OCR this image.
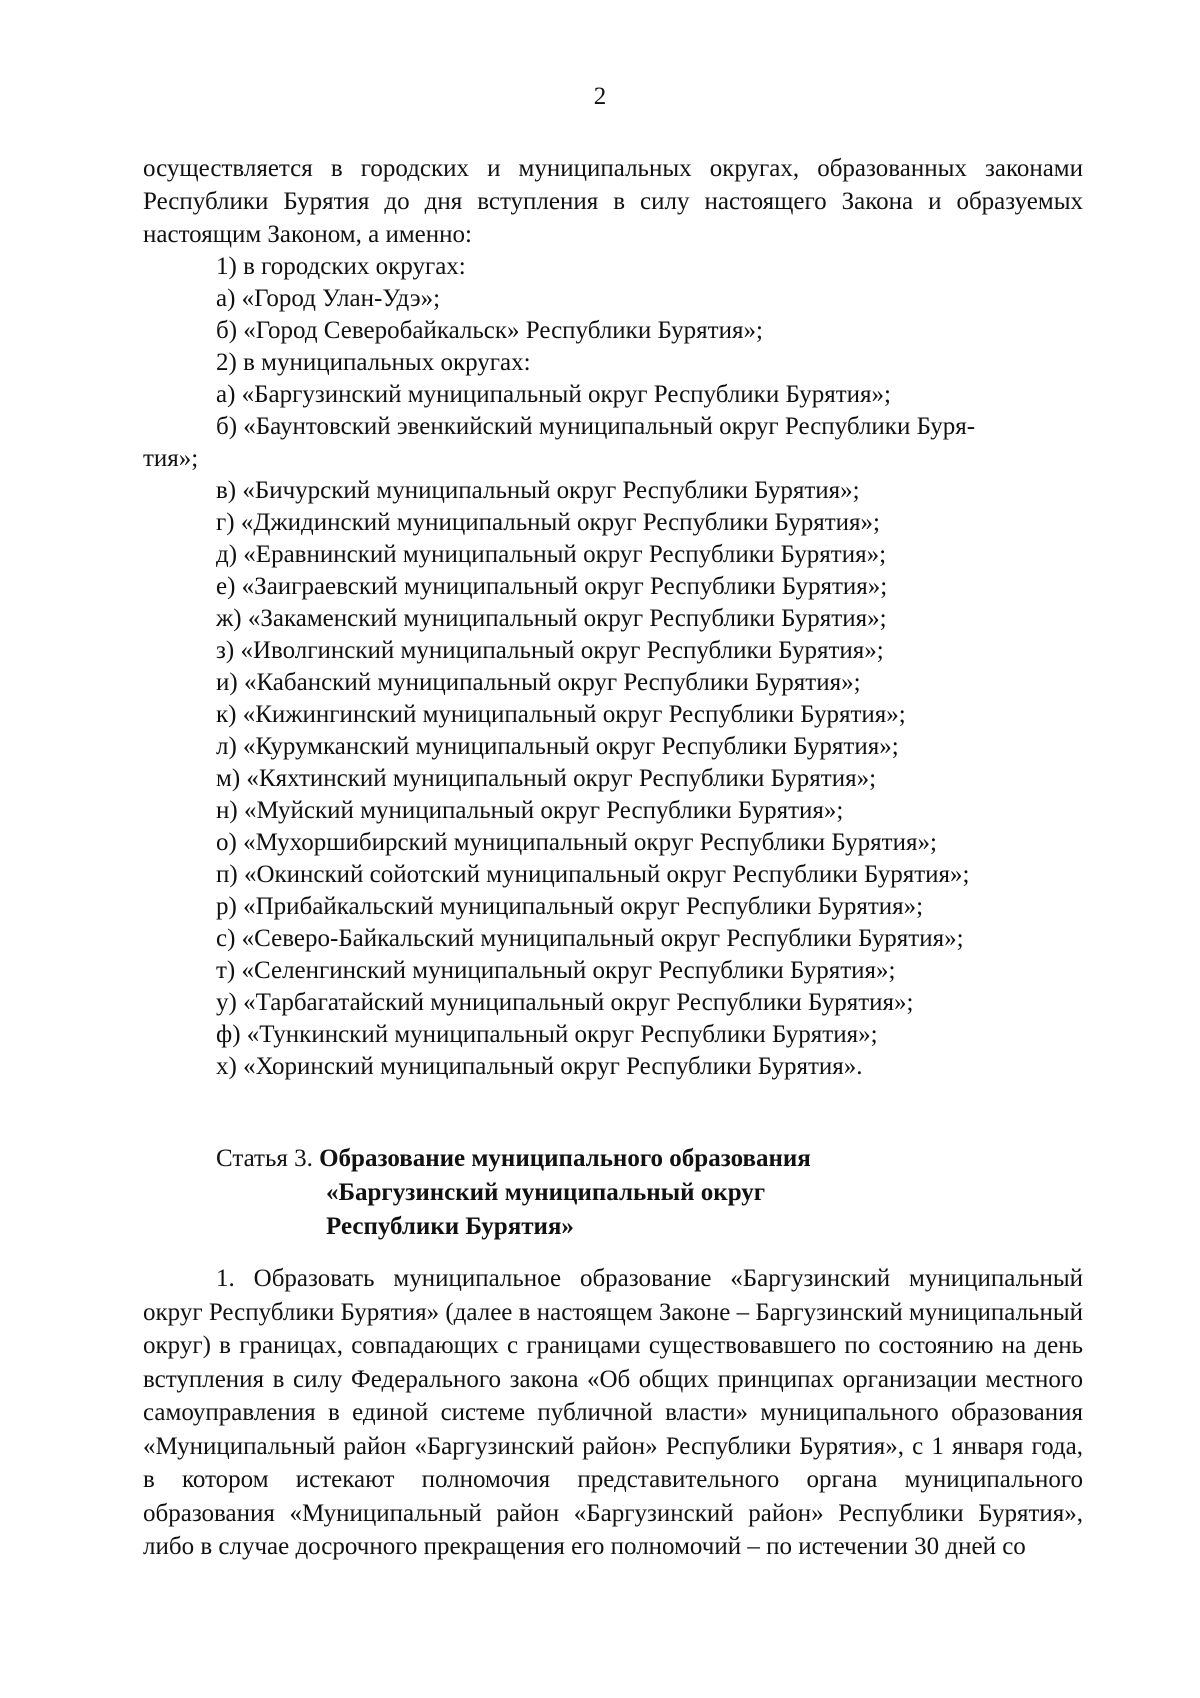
2

осуществляется в городских и муниципальных округах, образованных законами Республики Бурятия до дня вступления в силу настоящего Закона и образуемых настоящим Законом, а именно:

1) в городских округах:
а) «Город Улан-Удэ»;
б) «Город Северобайкальск» Республики Бурятия»;
2) в муниципальных округах:
а) «Баргузинский муниципальный округ Республики Бурятия»;
б) «Баунтовский эвенкийский муниципальный округ Республики Буря-
тия»;
в) «Бичурский муниципальный округ Республики Бурятия»;
г) «Джидинский муниципальный округ Республики Бурятия»;
д) «Еравнинский муниципальный округ Республики Бурятия»;
е) «Заиграевский муниципальный округ Республики Бурятия»;
ж) «Закаменский муниципальный округ Республики Бурятия»;
з) «Иволгинский муниципальный округ Республики Бурятия»;
и) «Кабанский муниципальный округ Республики Бурятия»;
к) «Кижингинский муниципальный округ Республики Бурятия»;
л) «Курумканский муниципальный округ Республики Бурятия»;
м) «Кяхтинский муниципальный округ Республики Бурятия»;
н) «Муйский муниципальный округ Республики Бурятия»;
о) «Мухоршибирский муниципальный округ Республики Бурятия»;
п) «Окинский сойотский муниципальный округ Республики Бурятия»;
р) «Прибайкальский муниципальный округ Республики Бурятия»;
с) «Северо-Байкальский муниципальный округ Республики Бурятия»;
т) «Селенгинский муниципальный округ Республики Бурятия»;
у) «Тарбагатайский муниципальный округ Республики Бурятия»;
ф) «Тункинский муниципальный округ Республики Бурятия»;
х) «Хоринский муниципальный округ Республики Бурятия».
Статья 3. Образование муниципального образования
«Баргузинский муниципальный округ
Республики Бурятия»

1. Образовать муниципальное образование «Баргузинский муниципальный округ Республики Бурятия» (далее в настоящем Законе – Баргузинский муниципальный округ) в границах, совпадающих с границами существовавшего по состоянию на день вступления в силу Федерального закона «Об общих принципах организации местного самоуправления в единой системе публичной власти» муниципального образования «Муниципальный район «Баргузинский район» Республики Бурятия», с 1 января года, в котором истекают полномочия представительного органа муниципального образования «Муниципальный район «Баргузинский район» Республики Бурятия», либо в случае досрочного прекращения его полномочий – по истечении 30 дней со
